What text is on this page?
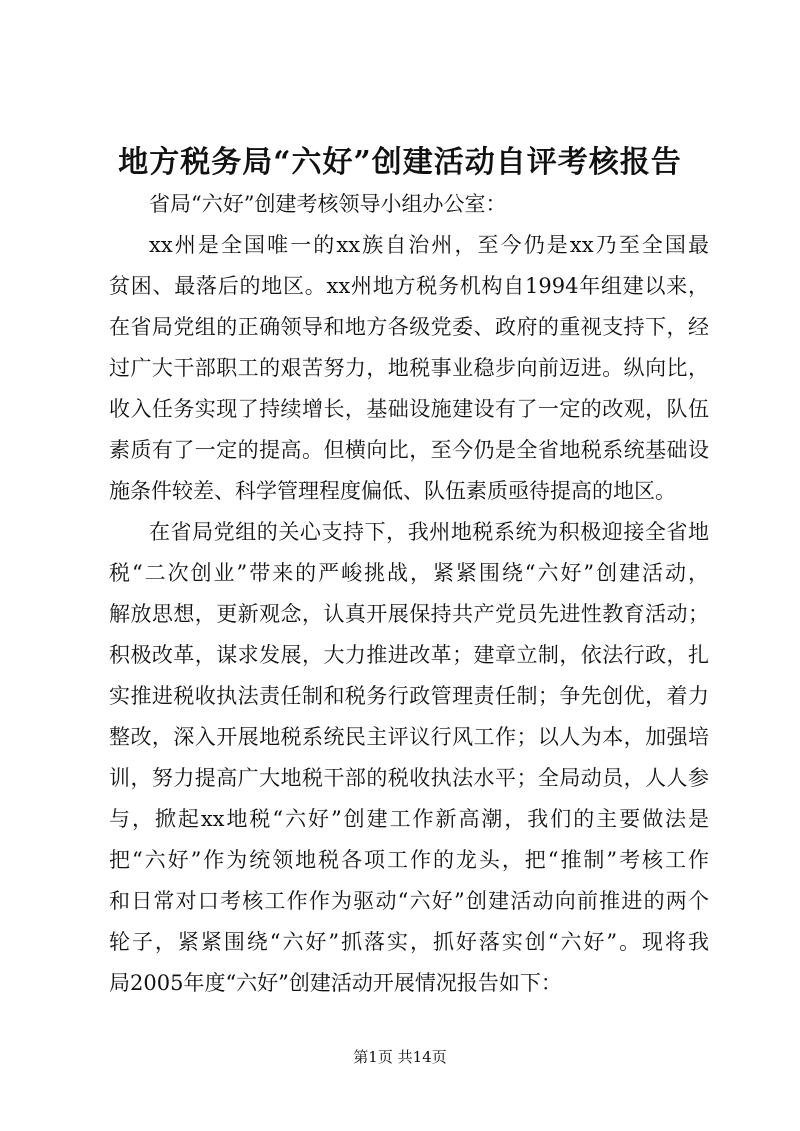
地方税务局“六好”创建活动自评考核报告

省局“六好”创建考核领导小组办公室：

xx州是全国唯一的xx族自治州，至今仍是xx乃至全国最

贫困、最落后的地区。xx州地方税务机构自1994年组建以来，

在省局党组的正确领导和地方各级党委、政府的重视支持下，经

过广大干部职工的艰苦努力，地税事业稳步向前迈进。纵向比，

收入任务实现了持续增长，基础设施建设有了一定的改观，队伍

素质有了一定的提高。但横向比，至今仍是全省地税系统基础设

施条件较差、科学管理程度偏低、队伍素质亟待提高的地区。

在省局党组的关心支持下，我州地税系统为积极迎接全省地

税“二次创业”带来的严峻挑战，紧紧围绕“六好”创建活动，

解放思想，更新观念，认真开展保持共产党员先进性教育活动；

积极改革，谋求发展，大力推进改革；建章立制，依法行政，扎

实推进税收执法责任制和税务行政管理责任制；争先创优，着力

整改，深入开展地税系统民主评议行风工作；以人为本，加强培

训，努力提高广大地税干部的税收执法水平；全局动员，人人参

与，掀起xx地税“六好”创建工作新高潮，我们的主要做法是

把“六好”作为统领地税各项工作的龙头，把“推制”考核工作

和日常对口考核工作作为驱动“六好”创建活动向前推进的两个

轮子，紧紧围绕“六好”抓落实，抓好落实创“六好”。现将我

局2005年度“六好”创建活动开展情况报告如下：

第1页 共14页
